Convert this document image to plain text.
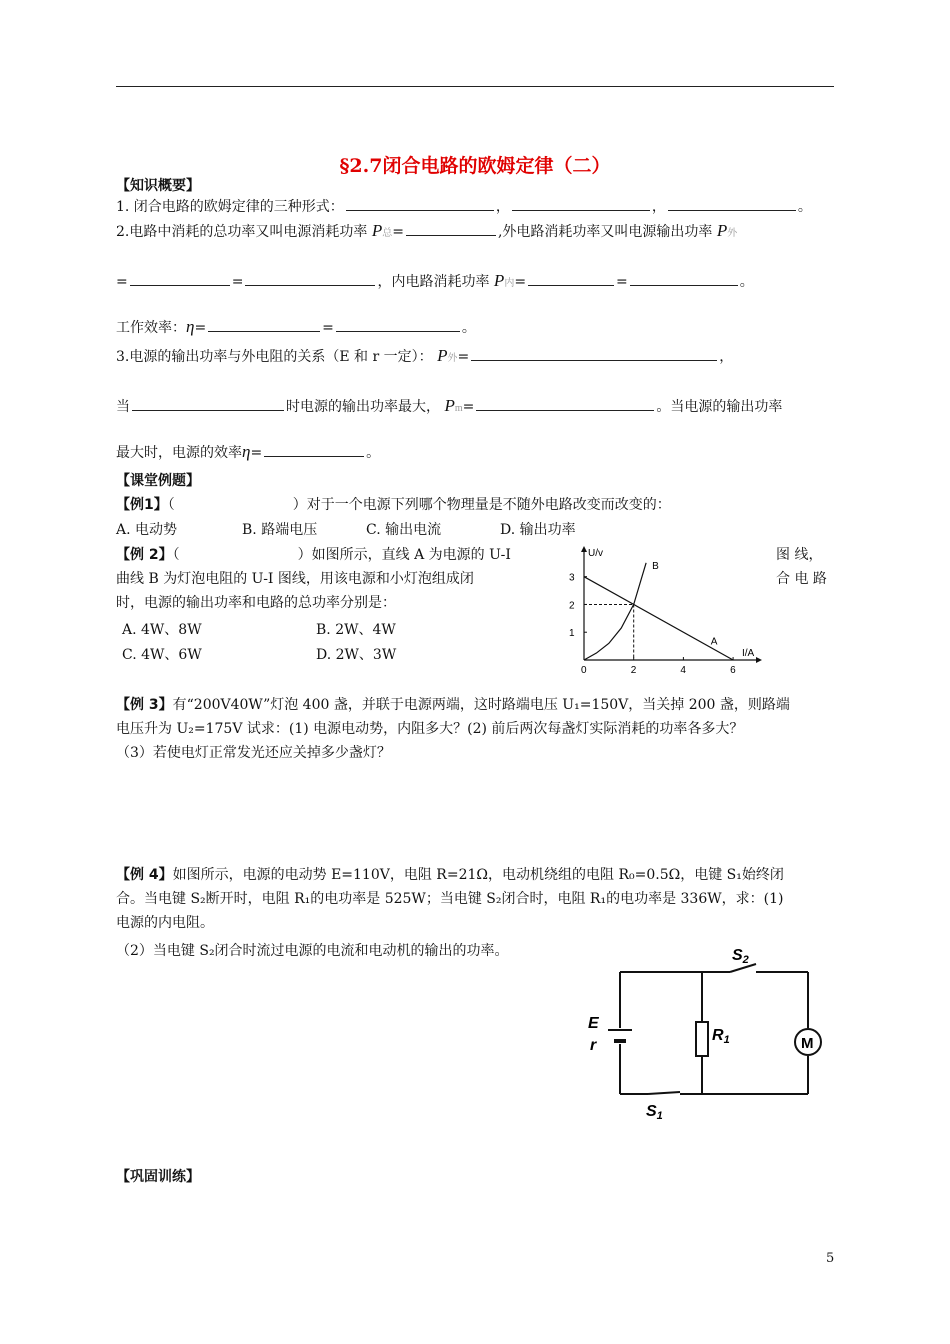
§2.7闭合电路的欧姆定律（二）
【知识概要】
1. 闭合电路的欧姆定律的三种形式：	，	，	。
2.电路中消耗的总功率又叫电源消耗功率 P总=	,外电路消耗功率又叫电源输出功率 P外
=	=	，内电路消耗功率 P内=	=	。
工作效率：η=	=	。
3.电源的输出功率与外电阻的关系（E 和 r 一定）： P外=	，
当	时电源的输出功率最大， Pm=	。当电源的输出功率
最大时，电源的效率η=	。
【课堂例题】
【例1】（	）对于一个电源下列哪个物理量是不随外电路改变而改变的：
A. 电动势	B. 路端电压	C. 输出电流	D. 输出功率
【例 2】（	）如图所示，直线 A 为电源的 U-I	图 线，
曲线 B 为灯泡电阻的 U-I 图线，用该电源和小灯泡组成闭	合 电 路
时，电源的输出功率和电路的总功率分别是：
A. 4W、8W	B. 2W、4W
C. 4W、6W	D. 2W、3W
U/v
I/A
0	2	4	6
1
2
3
A
B
【例 3】有“200V40W”灯泡 400 盏，并联于电源两端，这时路端电压 U₁=150V，当关掉 200 盏，则路端
电压升为 U₂=175V 试求：(1) 电源电动势，内阻多大？(2) 前后两次每盏灯实际消耗的功率各多大？
（3）若使电灯正常发光还应关掉多少盏灯？
【例 4】如图所示，电源的电动势 E=110V，电阻 R=21Ω，电动机绕组的电阻 R₀=0.5Ω，电键 S₁始终闭
合。当电键 S₂断开时，电阻 R₁的电功率是 525W；当电键 S₂闭合时，电阻 R₁的电功率是 336W，求：(1)
电源的内电阻。
（2）当电键 S₂闭合时流过电源的电流和电动机的输出的功率。
E
r
R1
S2
S1
M
【巩固训练】
5
